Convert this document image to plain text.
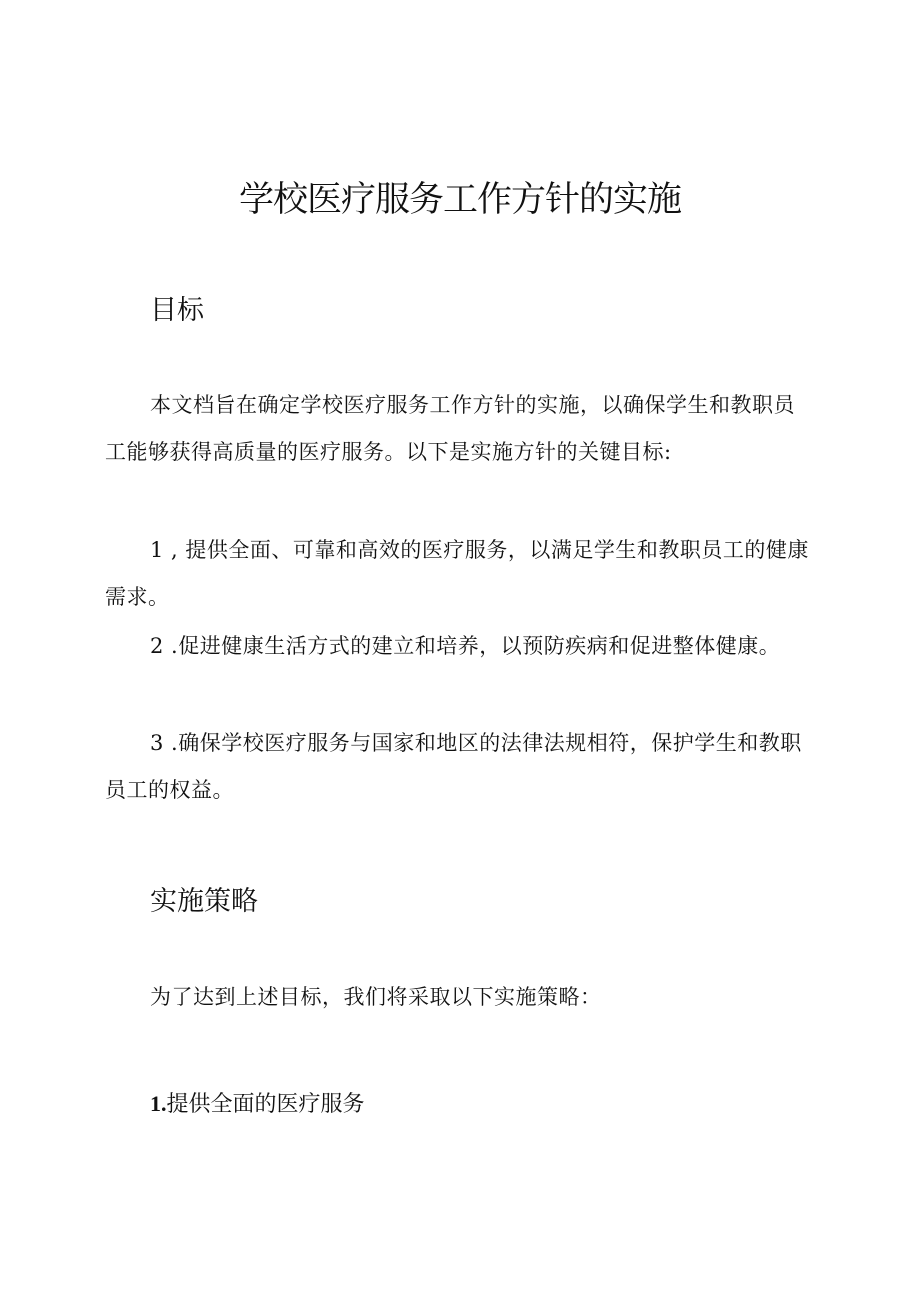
学校医疗服务工作方针的实施
目标

本文档旨在确定学校医疗服务工作方针的实施，以确保学生和教职员工能够获得高质量的医疗服务。以下是实施方针的关键目标:

1 , 提供全面、可靠和高效的医疗服务，以满足学生和教职员工的健康需求。

2 .促进健康生活方式的建立和培养，以预防疾病和促进整体健康。

3 .确保学校医疗服务与国家和地区的法律法规相符，保护学生和教职员工的权益。

实施策略

为了达到上述目标，我们将采取以下实施策略：

1.提供全面的医疗服务
